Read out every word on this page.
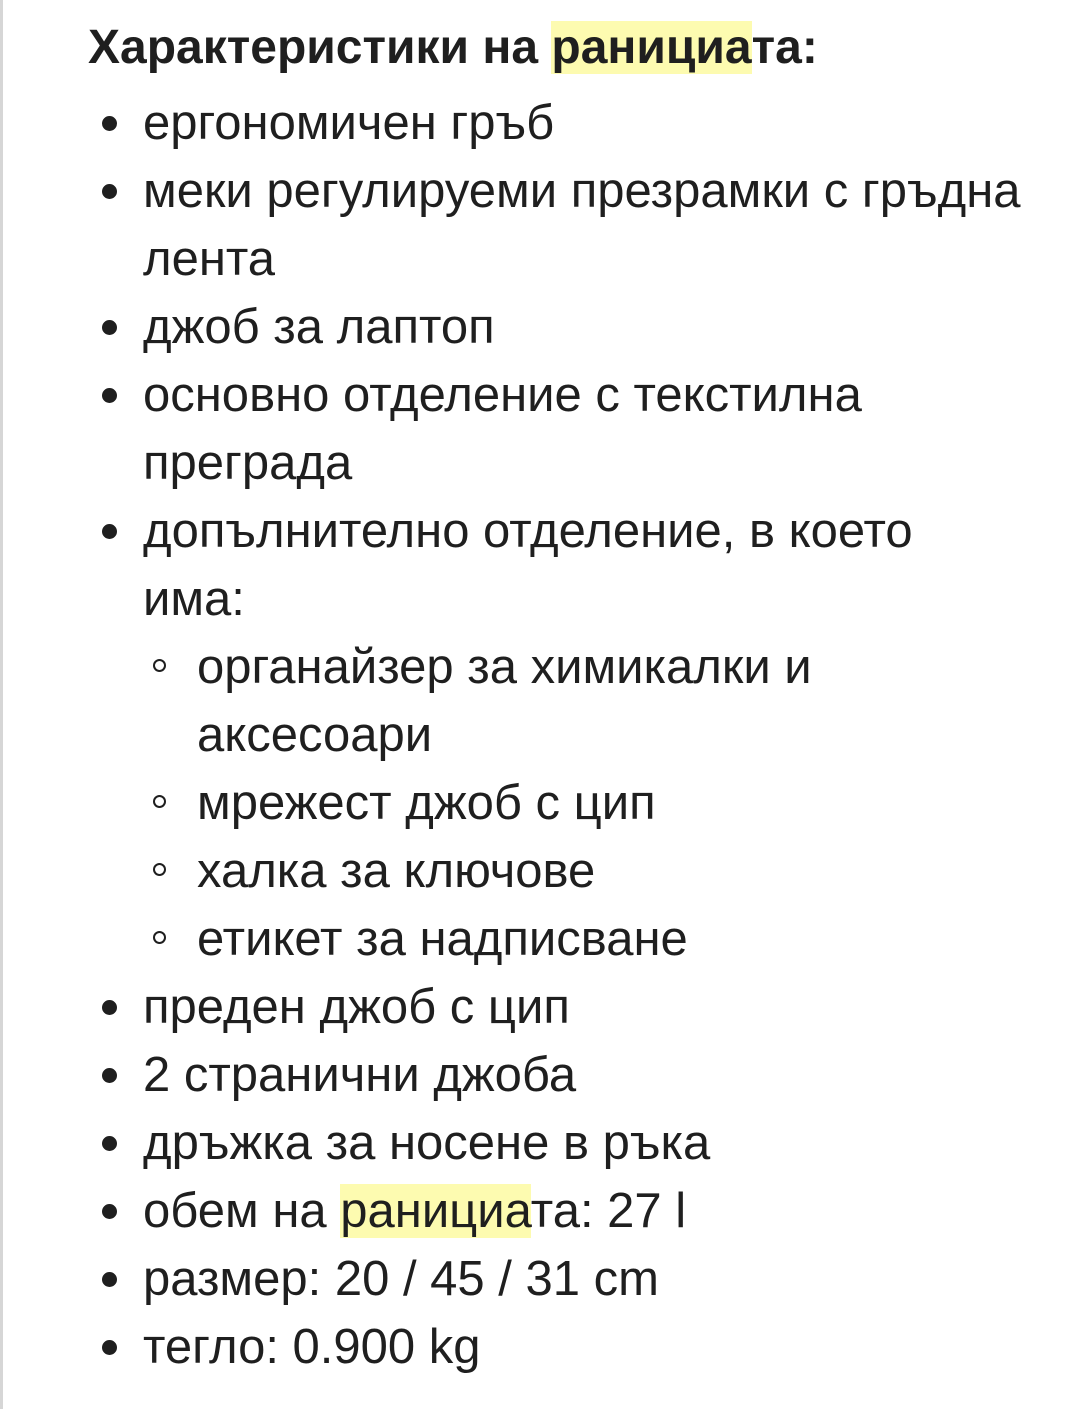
Характеристики на ранициата:
ергономичен гръб
меки регулируеми презрамки с гръдна лента
джоб за лаптоп
основно отделение с текстилна преграда
допълнително отделение, в което има:
органайзер за химикалки и аксесоари
мрежест джоб с цип
халка за ключове
етикет за надписване
преден джоб с цип
2 странични джоба
дръжка за носене в ръка
обем на ранициата: 27 l
размер: 20 / 45 / 31 cm
тегло: 0.900 kg
